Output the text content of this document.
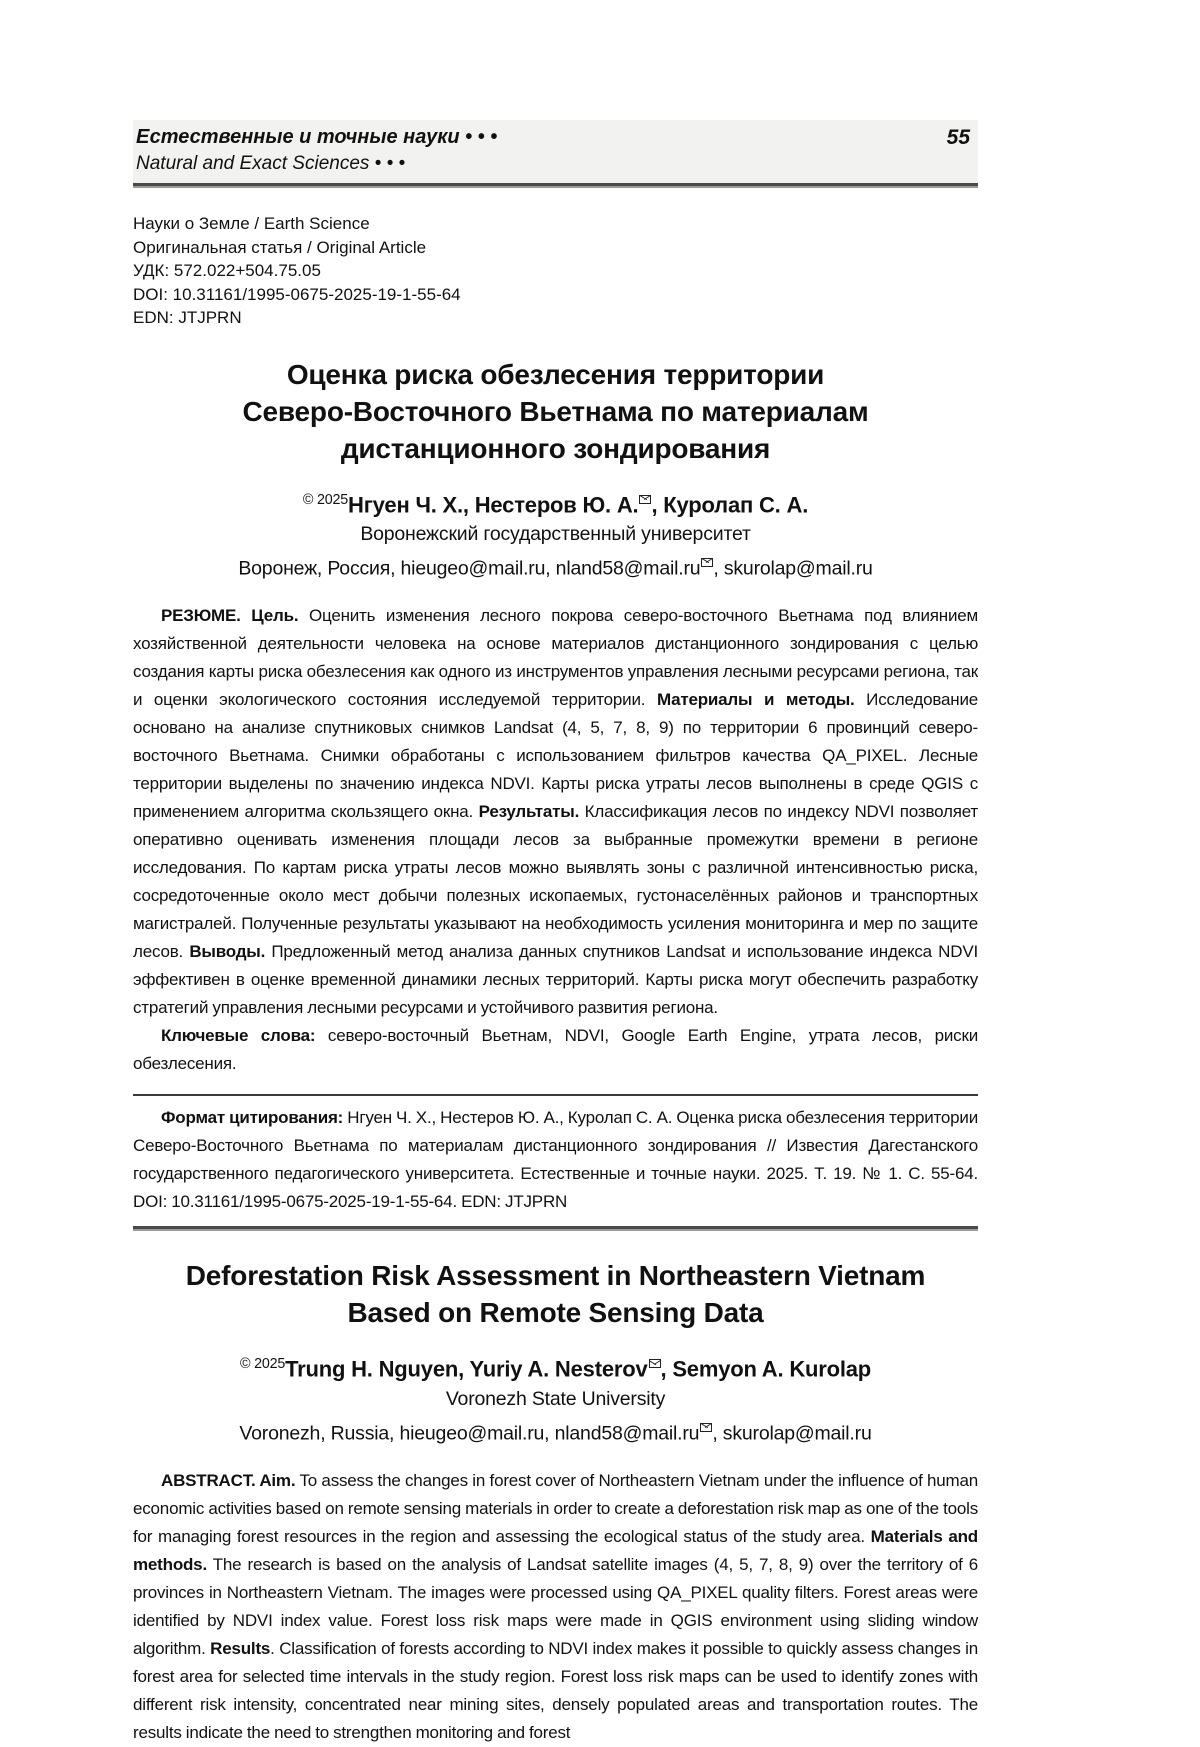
Естественные и точные науки • • •
Natural and Exact Sciences • • •
55
Науки о Земле / Earth Science
Оригинальная статья / Original Article
УДК: 572.022+504.75.05
DOI: 10.31161/1995-0675-2025-19-1-55-64
EDN: JTJPRN
Оценка риска обезлесения территории
Северо-Восточного Вьетнама по материалам
дистанционного зондирования

$^{© 2025}$Нгуен Ч. Х., Нестеров Ю. А. , Куролап С. А.

Воронежский государственный университет

Воронеж, Россия, hieugeo@mail.ru, nland58@mail.ru , skurolap@mail.ru

РЕЗЮМЕ. Цель. Оценить изменения лесного покрова северо-восточного Вьетнама под влиянием хозяйственной деятельности человека на основе материалов дистанционного зондирования с целью создания карты риска обезлесения как одного из инструментов управления лесными ресурсами региона, так и оценки экологического состояния исследуемой территории. Материалы и методы. Исследование основано на анализе спутниковых снимков Landsat (4, 5, 7, 8, 9) по территории 6 провинций северо-восточного Вьетнама. Снимки обработаны с использованием фильтров качества QA_PIXEL. Лесные территории выделены по значению индекса NDVI. Карты риска утраты лесов выполнены в среде QGIS с применением алгоритма скользящего окна. Результаты. Классификация лесов по индексу NDVI позволяет оперативно оценивать изменения площади лесов за выбранные промежутки времени в регионе исследования. По картам риска утраты лесов можно выявлять зоны с различной интенсивностью риска, сосредоточенные около мест добычи полезных ископаемых, густонаселённых районов и транспортных магистралей. Полученные результаты указывают на необходимость усиления мониторинга и мер по защите лесов. Выводы. Предложенный метод анализа данных спутников Landsat и использование индекса NDVI эффективен в оценке временной динамики лесных территорий. Карты риска могут обеспечить разработку стратегий управления лесными ресурсами и устойчивого развития региона.

Ключевые слова: северо-восточный Вьетнам, NDVI, Google Earth Engine, утрата лесов, риски обезлесения.

Формат цитирования: Нгуен Ч. Х., Нестеров Ю. А., Куролап С. А. Оценка риска обезлесения территории Северо-Восточного Вьетнама по материалам дистанционного зондирования // Известия Дагестанского государственного педагогического университета. Естественные и точные науки. 2025. Т. 19. № 1. С. 55-64. DOI: 10.31161/1995-0675-2025-19-1-55-64. EDN: JTJPRN

Deforestation Risk Assessment in Northeastern Vietnam
Based on Remote Sensing Data

$^{© 2025}$Trung H. Nguyen, Yuriy A. Nesterov , Semyon A. Kurolap

Voronezh State University

Voronezh, Russia, hieugeo@mail.ru, nland58@mail.ru , skurolap@mail.ru

ABSTRACT. Aim. To assess the changes in forest cover of Northeastern Vietnam under the influence of human economic activities based on remote sensing materials in order to create a deforestation risk map as one of the tools for managing forest resources in the region and assessing the ecological status of the study area. Materials and methods. The research is based on the analysis of Landsat satellite images (4, 5, 7, 8, 9) over the territory of 6 provinces in Northeastern Vietnam. The images were processed using QA_PIXEL quality filters. Forest areas were identified by NDVI index value. Forest loss risk maps were made in QGIS environment using sliding window algorithm. Results. Classification of forests according to NDVI index makes it possible to quickly assess changes in forest area for selected time intervals in the study region. Forest loss risk maps can be used to identify zones with different risk intensity, concentrated near mining sites, densely populated areas and transportation routes. The results indicate the need to strengthen monitoring and forest
